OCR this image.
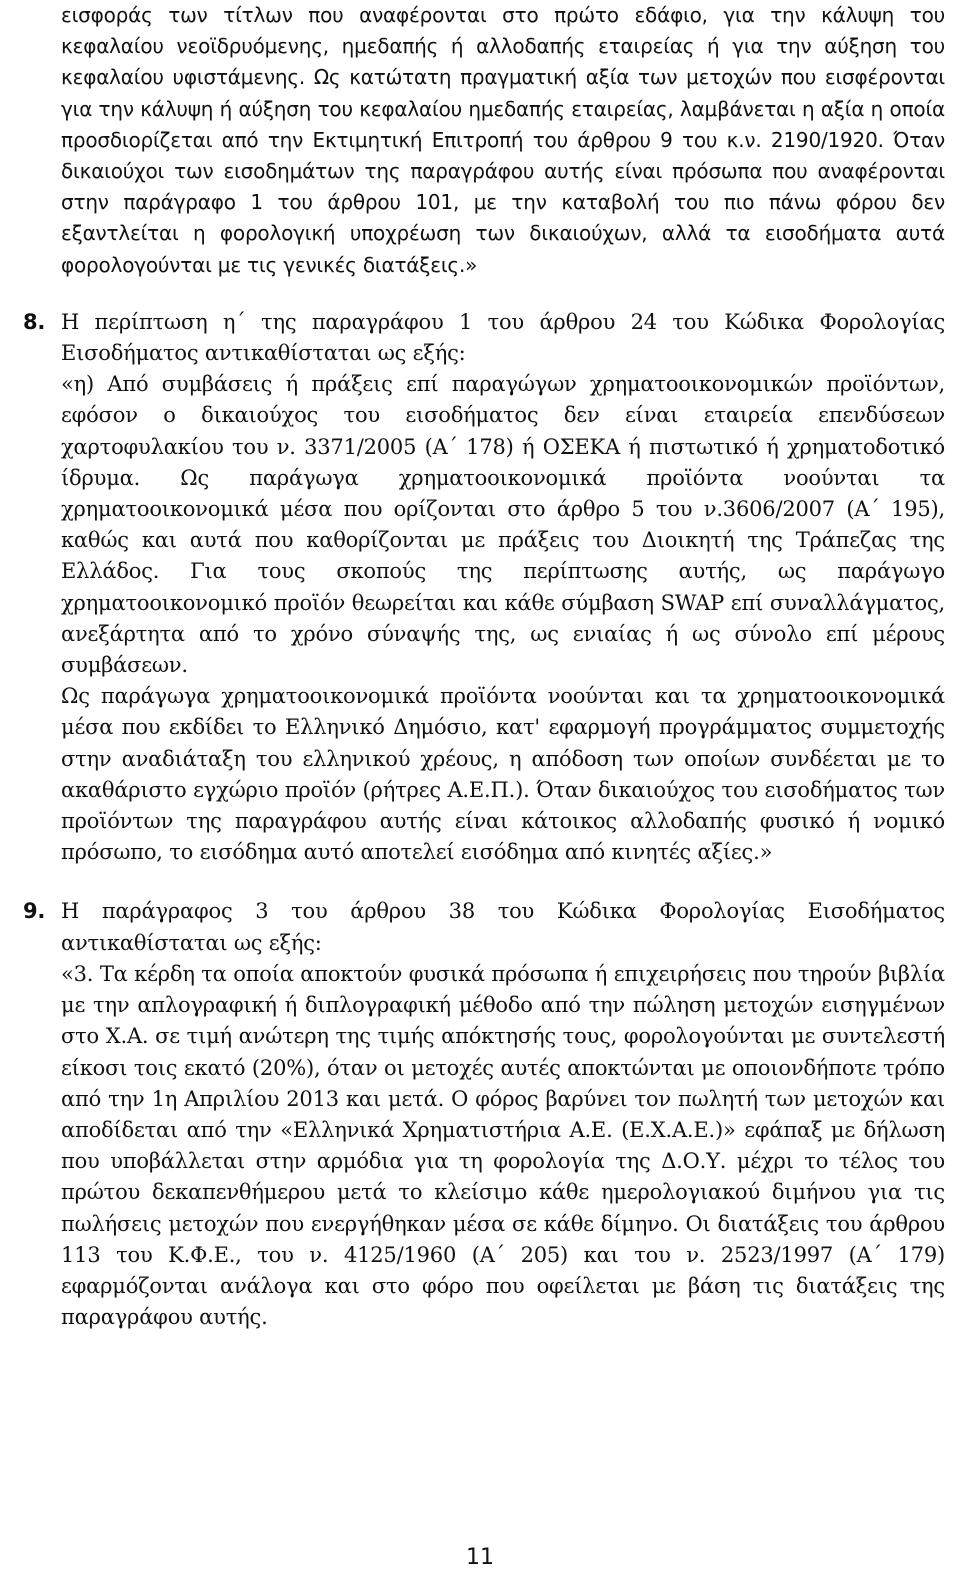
εισφοράς των τίτλων που αναφέρονται στο πρώτο εδάφιο, για την κάλυψη του κεφαλαίου νεοϊδρυόμενης, ημεδαπής ή αλλοδαπής εταιρείας ή για την αύξηση του κεφαλαίου υφιστάμενης. Ως κατώτατη πραγματική αξία των μετοχών που εισφέρονται για την κάλυψη ή αύξηση του κεφαλαίου ημεδαπής εταιρείας, λαμβάνεται η αξία η οποία προσδιορίζεται από την Εκτιμητική Επιτροπή του άρθρου 9 του κ.ν. 2190/1920. Όταν δικαιούχοι των εισοδημάτων της παραγράφου αυτής είναι πρόσωπα που αναφέρονται στην παράγραφο 1 του άρθρου 101, με την καταβολή του πιο πάνω φόρου δεν εξαντλείται η φορολογική υποχρέωση των δικαιούχων, αλλά τα εισοδήματα αυτά φορολογούνται με τις γενικές διατάξεις.»

8. Η περίπτωση η΄ της παραγράφου 1 του άρθρου 24 του Κώδικα Φορολογίας Εισοδήματος αντικαθίσταται ως εξής:

«η) Από συμβάσεις ή πράξεις επί παραγώγων χρηματοοικονομικών προϊόντων, εφόσον ο δικαιούχος του εισοδήματος δεν είναι εταιρεία επενδύσεων χαρτοφυλακίου του ν. 3371/2005 (Α΄ 178) ή ΟΣΕΚΑ ή πιστωτικό ή χρηματοδοτικό ίδρυμα. Ως παράγωγα χρηματοοικονομικά προϊόντα νοούνται τα χρηματοοικονομικά μέσα που ορίζονται στο άρθρο 5 του ν.3606/2007 (Α΄ 195), καθώς και αυτά που καθορίζονται με πράξεις του Διοικητή της Τράπεζας της Ελλάδος. Για τους σκοπούς της περίπτωσης αυτής, ως παράγωγο χρηματοοικονομικό προϊόν θεωρείται και κάθε σύμβαση SWAP επί συναλλάγματος, ανεξάρτητα από το χρόνο σύναψής της, ως ενιαίας ή ως σύνολο επί μέρους συμβάσεων.

Ως παράγωγα χρηματοοικονομικά προϊόντα νοούνται και τα χρηματοοικονομικά μέσα που εκδίδει το Ελληνικό Δημόσιο, κατ' εφαρμογή προγράμματος συμμετοχής στην αναδιάταξη του ελληνικού χρέους, η απόδοση των οποίων συνδέεται με το ακαθάριστο εγχώριο προϊόν (ρήτρες Α.Ε.Π.). Όταν δικαιούχος του εισοδήματος των προϊόντων της παραγράφου αυτής είναι κάτοικος αλλοδαπής φυσικό ή νομικό πρόσωπο, το εισόδημα αυτό αποτελεί εισόδημα από κινητές αξίες.»

9. Η παράγραφος 3 του άρθρου 38 του Κώδικα Φορολογίας Εισοδήματος αντικαθίσταται ως εξής:

«3. Τα κέρδη τα οποία αποκτούν φυσικά πρόσωπα ή επιχειρήσεις που τηρούν βιβλία με την απλογραφική ή διπλογραφική μέθοδο από την πώληση μετοχών εισηγμένων στο Χ.Α. σε τιμή ανώτερη της τιμής απόκτησής τους, φορολογούνται με συντελεστή είκοσι τοις εκατό (20%), όταν οι μετοχές αυτές αποκτώνται με οποιονδήποτε τρόπο από την 1η Απριλίου 2013 και μετά. Ο φόρος βαρύνει τον πωλητή των μετοχών και αποδίδεται από την «Ελληνικά Χρηματιστήρια Α.Ε. (Ε.Χ.Α.Ε.)» εφάπαξ με δήλωση που υποβάλλεται στην αρμόδια για τη φορολογία της Δ.Ο.Υ. μέχρι το τέλος του πρώτου δεκαπενθήμερου μετά το κλείσιμο κάθε ημερολογιακού διμήνου για τις πωλήσεις μετοχών που ενεργήθηκαν μέσα σε κάθε δίμηνο. Οι διατάξεις του άρθρου 113 του Κ.Φ.Ε., του ν. 4125/1960 (Α΄ 205) και του ν. 2523/1997 (Α΄ 179) εφαρμόζονται ανάλογα και στο φόρο που οφείλεται με βάση τις διατάξεις της παραγράφου αυτής.

11
